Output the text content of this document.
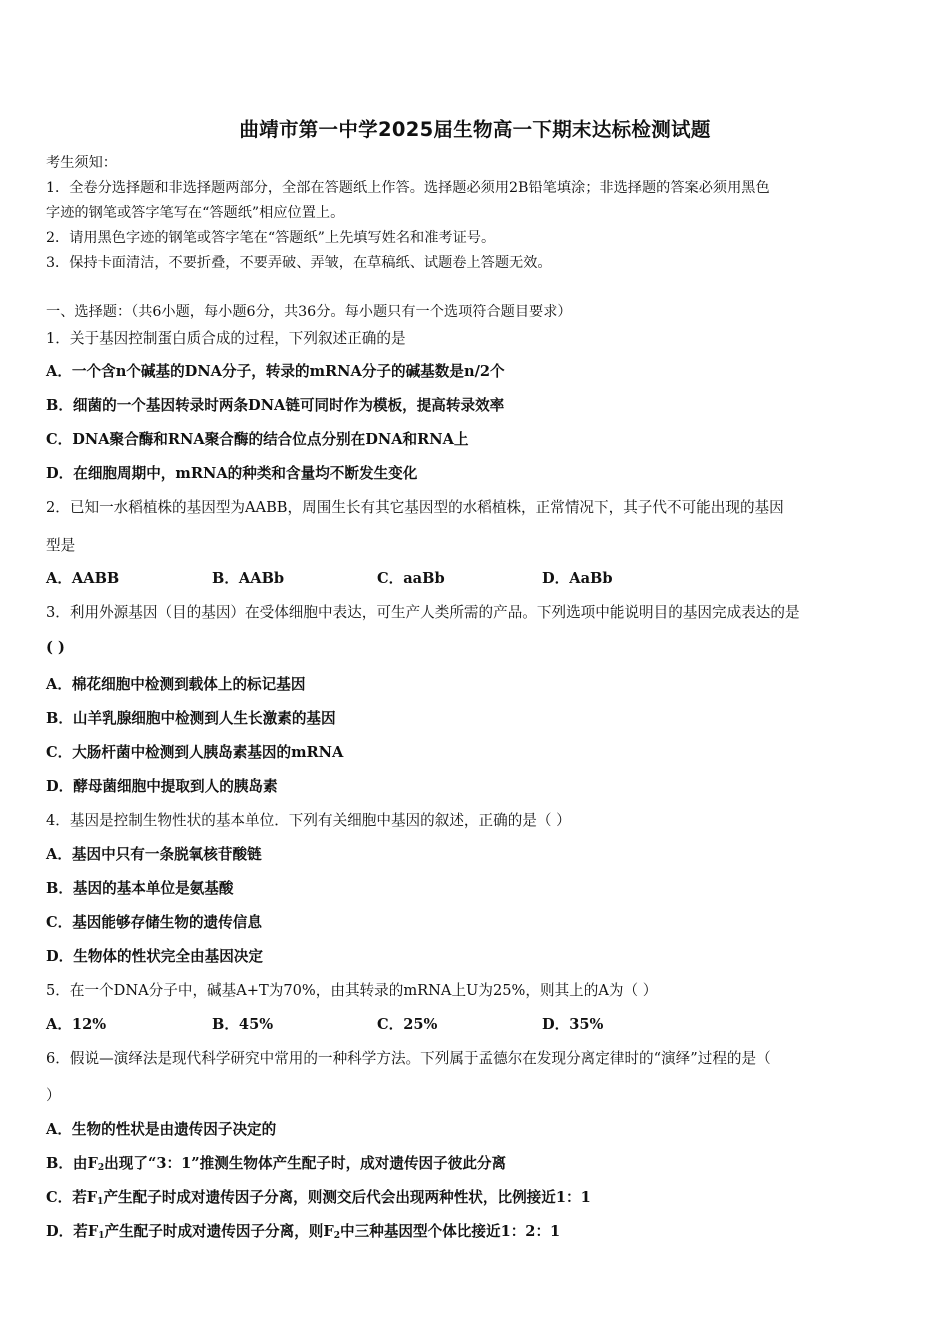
曲靖市第一中学2025届生物高一下期末达标检测试题
考生须知：
1．全卷分选择题和非选择题两部分，全部在答题纸上作答。选择题必须用2B铅笔填涂；非选择题的答案必须用黑色
字迹的钢笔或答字笔写在“答题纸”相应位置上。
2．请用黑色字迹的钢笔或答字笔在“答题纸”上先填写姓名和准考证号。
3．保持卡面清洁，不要折叠，不要弄破、弄皱，在草稿纸、试题卷上答题无效。
一、选择题：（共6小题，每小题6分，共36分。每小题只有一个选项符合题目要求）
1．关于基因控制蛋白质合成的过程，下列叙述正确的是
A．一个含n个碱基的DNA分子，转录的mRNA分子的碱基数是n/2个
B．细菌的一个基因转录时两条DNA链可同时作为模板，提高转录效率
C．DNA聚合酶和RNA聚合酶的结合位点分别在DNA和RNA上
D．在细胞周期中，mRNA的种类和含量均不断发生变化
2．已知一水稻植株的基因型为AABB，周围生长有其它基因型的水稻植株，正常情况下，其子代不可能出现的基因
型是
A．AABB	B．AABb	C．aaBb	D．AaBb
3．利用外源基因（目的基因）在受体细胞中表达，可生产人类所需的产品。下列选项中能说明目的基因完成表达的是
( )
A．棉花细胞中检测到载体上的标记基因
B．山羊乳腺细胞中检测到人生长激素的基因
C．大肠杆菌中检测到人胰岛素基因的mRNA
D．酵母菌细胞中提取到人的胰岛素
4．基因是控制生物性状的基本单位．下列有关细胞中基因的叙述，正确的是（ ）
A．基因中只有一条脱氧核苷酸链
B．基因的基本单位是氨基酸
C．基因能够存储生物的遗传信息
D．生物体的性状完全由基因决定
5．在一个DNA分子中，碱基A+T为70%，由其转录的mRNA上U为25%，则其上的A为（ ）
A．12%	B．45%	C．25%	D．35%
6．假说—演绎法是现代科学研究中常用的一种科学方法。下列属于孟德尔在发现分离定律时的“演绎”过程的是（
）
A．生物的性状是由遗传因子决定的
B．由$F_2$出现了“3：1”推测生物体产生配子时，成对遗传因子彼此分离
C．若$F_1$产生配子时成对遗传因子分离，则测交后代会出现两种性状，比例接近1：1
D．若$F_1$产生配子时成对遗传因子分离，则$F_2$中三种基因型个体比接近1：2：1
